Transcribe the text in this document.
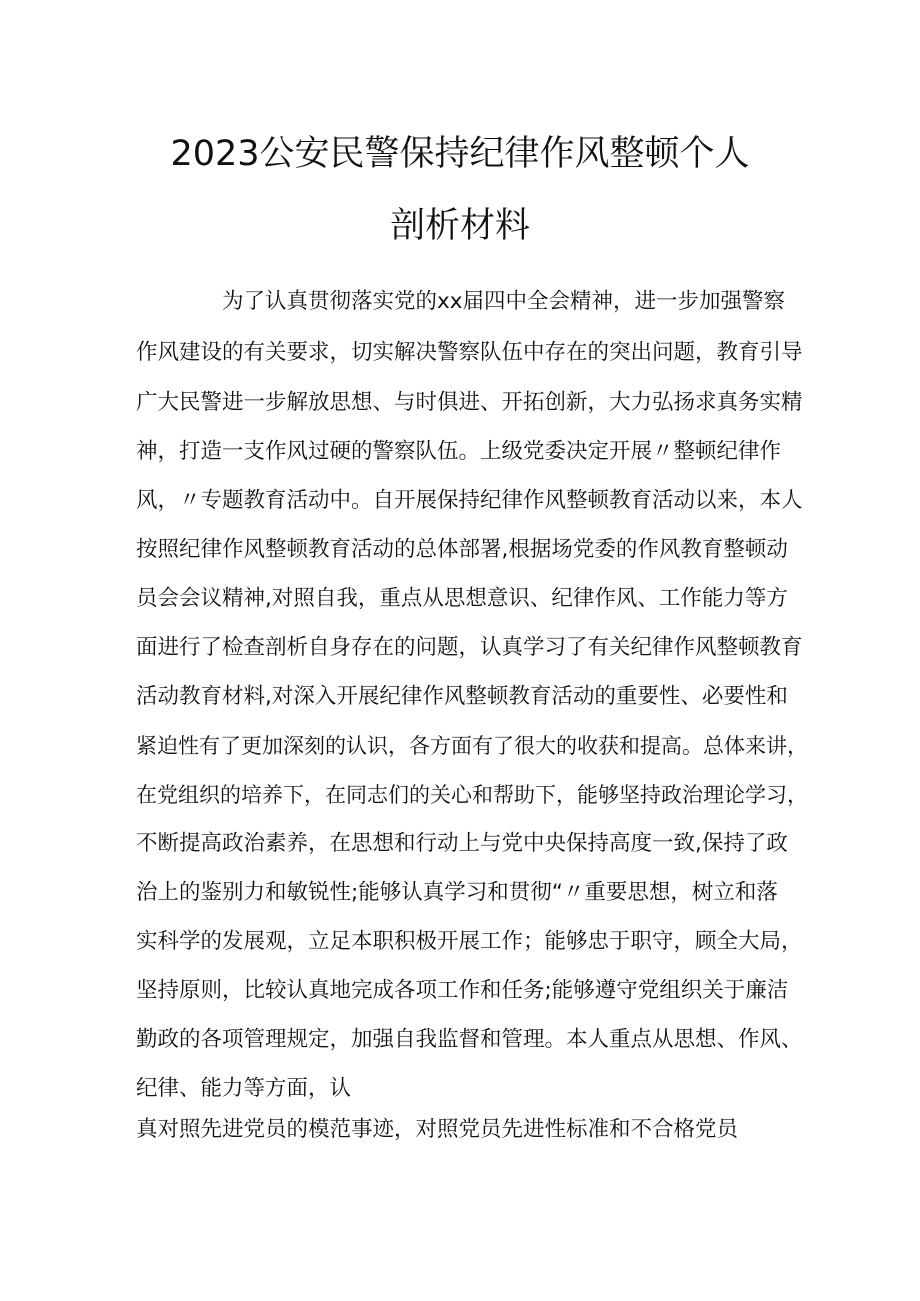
2023公安民警保持纪律作风整顿个人
剖析材料
为了认真贯彻落实党的xx届四中全会精神，进一步加强警察
作风建设的有关要求，切实解决警察队伍中存在的突出问题，教育引导
广大民警进一步解放思想、与时俱进、开拓创新，大力弘扬求真务实精
神，打造一支作风过硬的警察队伍。上级党委决定开展〃整顿纪律作
风，〃专题教育活动中。自开展保持纪律作风整顿教育活动以来，本人
按照纪律作风整顿教育活动的总体部署,根据场党委的作风教育整顿动
员会会议精神,对照自我，重点从思想意识、纪律作风、工作能力等方
面进行了检查剖析自身存在的问题，认真学习了有关纪律作风整顿教育
活动教育材料,对深入开展纪律作风整顿教育活动的重要性、必要性和
紧迫性有了更加深刻的认识，各方面有了很大的收获和提高。总体来讲，
在党组织的培养下，在同志们的关心和帮助下，能够坚持政治理论学习，
不断提高政治素养，在思想和行动上与党中央保持高度一致,保持了政
治上的鉴别力和敏锐性;能够认真学习和贯彻“〃重要思想，树立和落
实科学的发展观，立足本职积极开展工作；能够忠于职守，顾全大局，
坚持原则，比较认真地完成各项工作和任务;能够遵守党组织关于廉洁
勤政的各项管理规定，加强自我监督和管理。本人重点从思想、作风、
纪律、能力等方面，认
真对照先进党员的模范事迹，对照党员先进性标准和不合格党员
